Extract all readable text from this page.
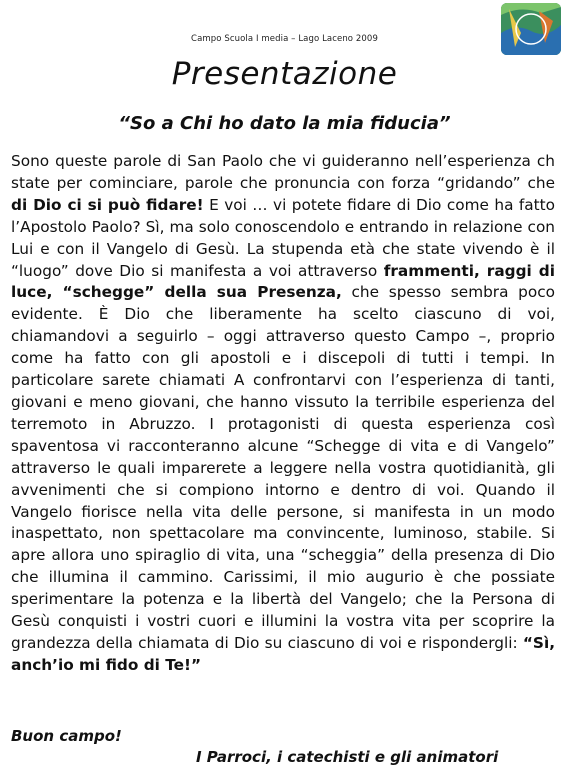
Campo Scuola I media – Lago Laceno 2009
Presentazione
“So a Chi ho dato la mia fiducia”
Sono queste parole di San Paolo che vi guideranno nell’esperienza ch state per cominciare, parole che pronuncia con forza “gridando” che di Dio ci si può fidare! E voi … vi potete fidare di Dio come ha fatto l’Apostolo Paolo? Sì, ma solo conoscendolo e entrando in relazione con Lui e con il Vangelo di Gesù. La stupenda età che state vivendo è il “luogo” dove Dio si manifesta a voi attraverso frammenti, raggi di luce, “schegge” della sua Presenza, che spesso sembra poco evidente. È Dio che liberamente ha scelto ciascuno di voi, chiamandovi a seguirlo – oggi attraverso questo Campo –, proprio come ha fatto con gli apostoli e i discepoli di tutti i tempi. In particolare sarete chiamati A confrontarvi con l’esperienza di tanti, giovani e meno giovani, che hanno vissuto la terribile esperienza del terremoto in Abruzzo. I protagonisti di questa esperienza così spaventosa vi racconteranno alcune “Schegge di vita e di Vangelo” attraverso le quali imparerete a leggere nella vostra quotidianità, gli avvenimenti che si compiono intorno e dentro di voi. Quando il Vangelo fiorisce nella vita delle persone, si manifesta in un modo inaspettato, non spettacolare ma convincente, luminoso, stabile. Si apre allora uno spiraglio di vita, una “scheggia” della presenza di Dio che illumina il cammino. Carissimi, il mio augurio è che possiate sperimentare la potenza e la libertà del Vangelo; che la Persona di Gesù conquisti i vostri cuori e illumini la vostra vita per scoprire la grandezza della chiamata di Dio su ciascuno di voi e rispondergli: “Sì, anch’io mi fido di Te!”
Buon campo!
I Parroci, i catechisti e gli animatori
